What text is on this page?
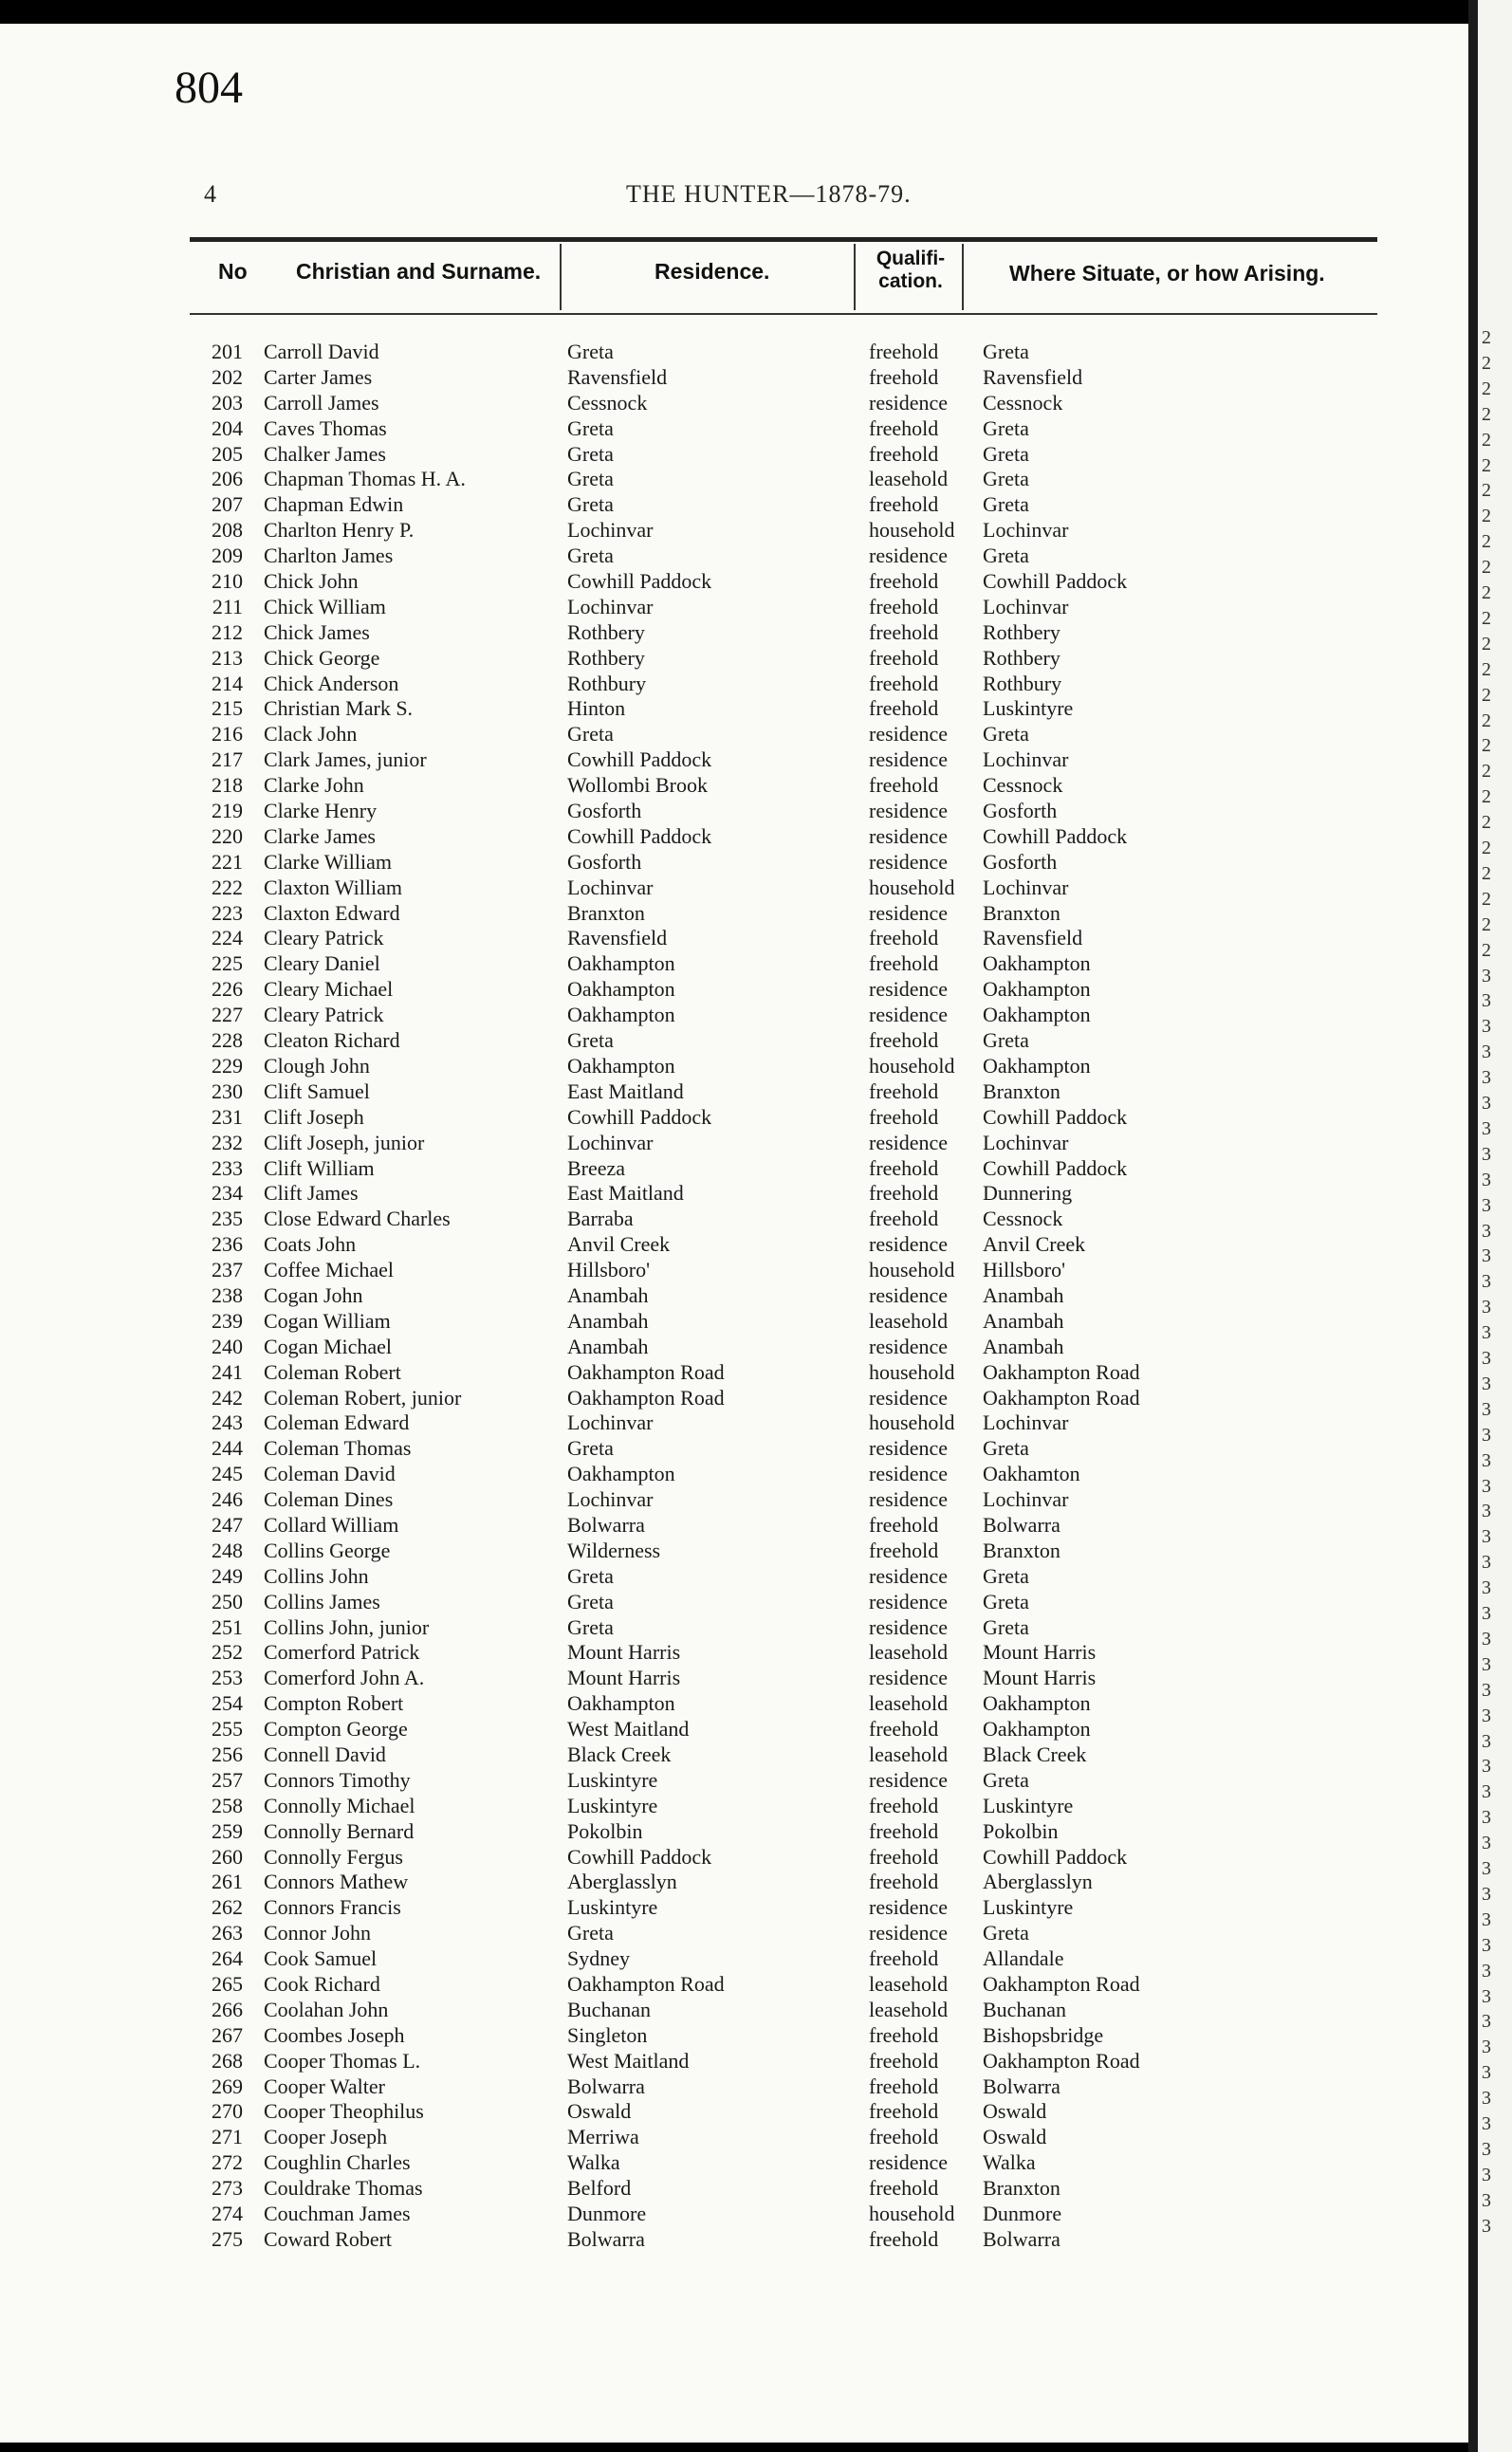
804
4	THE HUNTER—1878-79.
No Christian and Surname.	Residence.
Qualifi-cation.	Where Situate, or how Arising.
201 Carroll David	Greta	freehold Greta
202 Carter James	Ravensfield	freehold Ravensfield
203 Carroll James	Cessnock	residence Cessnock
204 Caves Thomas	Greta	freehold Greta
205 Chalker James	Greta	freehold Greta
206 Chapman Thomas H. A.	Greta	leasehold Greta
207 Chapman Edwin	Greta	freehold Greta
208 Charlton Henry P.	Lochinvar	household Lochinvar
209 Charlton James	Greta	residence Greta
210 Chick John	Cowhill Paddock	freehold Cowhill Paddock
211 Chick William	Lochinvar	freehold Lochinvar
212 Chick James	Rothbery	freehold Rothbery
213 Chick George	Rothbery	freehold Rothbery
214 Chick Anderson	Rothbury	freehold Rothbury
215 Christian Mark S.	Hinton	freehold Luskintyre
216 Clack John	Greta	residence Greta
217 Clark James, junior	Cowhill Paddock	residence Lochinvar
218 Clarke John	Wollombi Brook	freehold Cessnock
219 Clarke Henry	Gosforth	residence Gosforth
220 Clarke James	Cowhill Paddock	residence Cowhill Paddock
221 Clarke William	Gosforth	residence Gosforth
222 Claxton William	Lochinvar	household Lochinvar
223 Claxton Edward	Branxton	residence Branxton
224 Cleary Patrick	Ravensfield	freehold Ravensfield
225 Cleary Daniel	Oakhampton	freehold Oakhampton
226 Cleary Michael	Oakhampton	residence Oakhampton
227 Cleary Patrick	Oakhampton	residence Oakhampton
228 Cleaton Richard	Greta	freehold Greta
229 Clough John	Oakhampton	household Oakhampton
230 Clift Samuel	East Maitland	freehold Branxton
231 Clift Joseph	Cowhill Paddock	freehold Cowhill Paddock
232 Clift Joseph, junior	Lochinvar	residence Lochinvar
233 Clift William	Breeza	freehold Cowhill Paddock
234 Clift James	East Maitland	freehold Dunnering
235 Close Edward Charles	Barraba	freehold Cessnock
236 Coats John	Anvil Creek	residence Anvil Creek
237 Coffee Michael	Hillsboro'	household Hillsboro'
238 Cogan John	Anambah	residence Anambah
239 Cogan William	Anambah	leasehold Anambah
240 Cogan Michael	Anambah	residence Anambah
241 Coleman Robert	Oakhampton Road	household Oakhampton Road
242 Coleman Robert, junior	Oakhampton Road	residence Oakhampton Road
243 Coleman Edward	Lochinvar	household Lochinvar
244 Coleman Thomas	Greta	residence Greta
245 Coleman David	Oakhampton	residence Oakhamton
246 Coleman Dines	Lochinvar	residence Lochinvar
247 Collard William	Bolwarra	freehold Bolwarra
248 Collins George	Wilderness	freehold Branxton
249 Collins John	Greta	residence Greta
250 Collins James	Greta	residence Greta
251 Collins John, junior	Greta	residence Greta
252 Comerford Patrick	Mount Harris	leasehold Mount Harris
253 Comerford John A.	Mount Harris	residence Mount Harris
254 Compton Robert	Oakhampton	leasehold Oakhampton
255 Compton George	West Maitland	freehold Oakhampton
256 Connell David	Black Creek	leasehold Black Creek
257 Connors Timothy	Luskintyre	residence Greta
258 Connolly Michael	Luskintyre	freehold Luskintyre
259 Connolly Bernard	Pokolbin	freehold Pokolbin
260 Connolly Fergus	Cowhill Paddock	freehold Cowhill Paddock
261 Connors Mathew	Aberglasslyn	freehold Aberglasslyn
262 Connors Francis	Luskintyre	residence Luskintyre
263 Connor John	Greta	residence Greta
264 Cook Samuel	Sydney	freehold Allandale
265 Cook Richard	Oakhampton Road	leasehold Oakhampton Road
266 Coolahan John	Buchanan	leasehold Buchanan
267 Coombes Joseph	Singleton	freehold Bishopsbridge
268 Cooper Thomas L.	West Maitland	freehold Oakhampton Road
269 Cooper Walter	Bolwarra	freehold Bolwarra
270 Cooper Theophilus	Oswald	freehold Oswald
271 Cooper Joseph	Merriwa	freehold Oswald
272 Coughlin Charles	Walka	residence Walka
273 Couldrake Thomas	Belford	freehold Branxton
274 Couchman James	Dunmore	household Dunmore
275 Coward Robert	Bolwarra	freehold Bolwarra
2
2
2
2
2
2
2
2
2
2
2
2
2
2
2
2
2
2
2
2
2
2
2
2
2
3
3
3
3
3
3
3
3
3
3
3
3
3
3
3
3
3
3
3
3
3
3
3
3
3
3
3
3
3
3
3
3
3
3
3
3
3
3
3
3
3
3
3
3
3
3
3
3
3
3
